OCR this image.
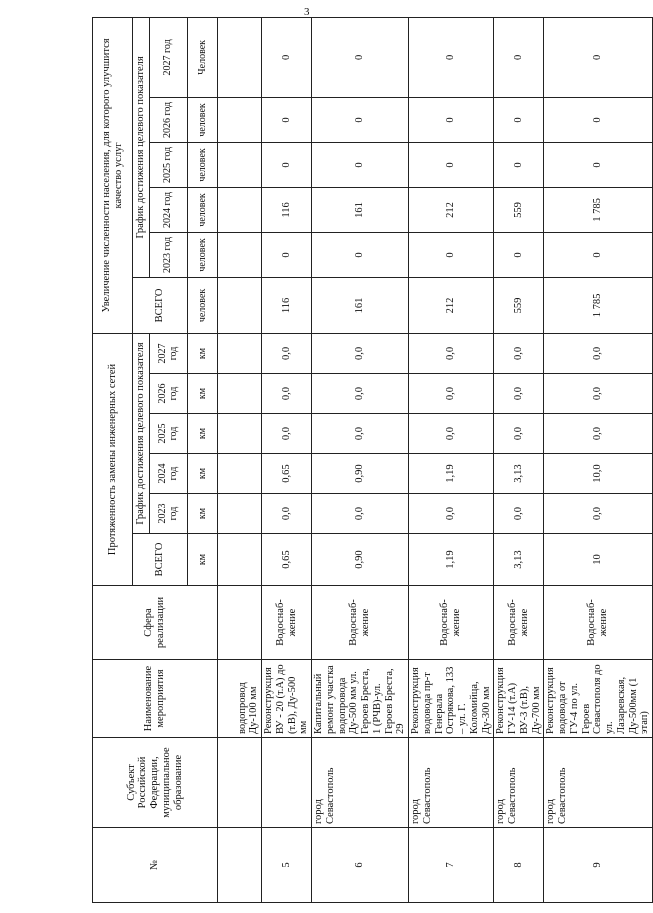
3
№	Субъект Российской Федерации, муниципальное образование	Наименование мероприятия	Сфера реализации	Протяженность замены инженерных сетей						Увеличение численности населения, для которого улучшится качество услуг					
				ВСЕГО	График достижения целевого показателя					ВСЕГО	График достижения целевого показателя				
					2023 год	2024 год	2025 год	2026 год	2027 год		2023 год	2024 год	2025 год	2026 год	2027 год
				км	км	км	км	км	км	человек	человек	человек	человек	человек	Человек
		водопровод Ду-100 мм													
5		Реконструкция ВУ - 20 (т.А) до (т.В), Ду-500 мм	Водоснаб-жение	0,65	0,0	0,65	0,0	0,0	0,0	116	0	116	0	0	0
6	город Севастополь	Капитальный ремонт участка водопровода Ду-500 мм ул. Героев Бреста, 1 (РЧВ)-ул. Героев Бреста, 29	Водоснаб-жение	0,90	0,0	0,90	0,0	0,0	0,0	161	0	161	0	0	0
7	город Севастополь	Реконструкция водовода пр-т Генерала Острякова, 133 – ул. Г. Коломийца, Ду-300 мм	Водоснаб-жение	1,19	0,0	1,19	0,0	0,0	0,0	212	0	212	0	0	0
8	город Севастополь	Реконструкция ГУ-14 (т.А) ВУ-3 (т.В), Ду-700 мм	Водоснаб-жение	3,13	0,0	3,13	0,0	0,0	0,0	559	0	559	0	0	0
9	город Севастополь	Реконструкция водовода от ГУ-4 по ул. Героев Севастополя до ул. Лазаревская, Ду-500мм (1 этап)	Водоснаб-жение	10	0,0	10,0	0,0	0,0	0,0	1 785	0	1 785	0	0	0
